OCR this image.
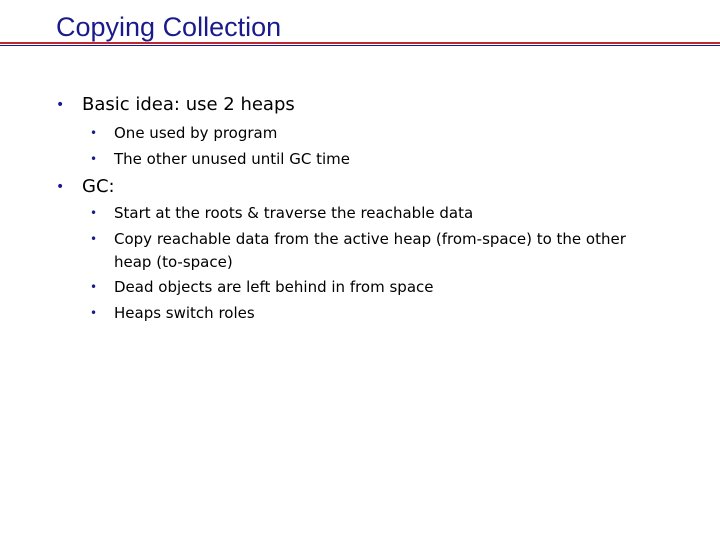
Copying Collection
• Basic idea: use 2 heaps
• One used by program
• The other unused until GC time
• GC:
• Start at the roots & traverse the reachable data
• Copy reachable data from the active heap (from-space) to the other
heap (to-space)
• Dead objects are left behind in from space
• Heaps switch roles
